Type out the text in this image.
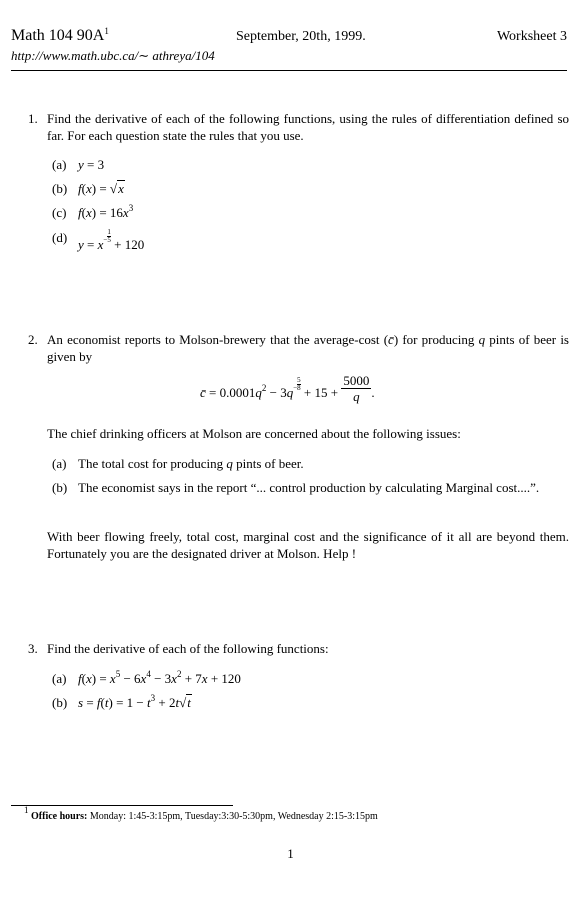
Math 104 $90A^1$	September, 20th, 1999.	Worksheet 3
http://www.math.ubc.ca/∼ athreya/104
1. Find the derivative of each of the following functions, using the rules of differentiation defined so far. For each question state the rules that you use.
(a) y = 3
(b) f(x) = √x
(c) $f(x) = 16x^3$
(d) $y = x- \frac{1}{5}$
+ 120
2. An economist reports to Molson-brewery that the average-cost (c̄) for producing q pints of beer is given by
c̄ = $0.0001q^2 - 3q- \frac{5}{8}$
+ $15 + \frac{5000}{q}$ .
The chief drinking officers at Molson are concerned about the following issues:
(a) The total cost for producing q pints of beer.
(b) The economist says in the report “... control production by calculating Marginal cost....”.
With beer flowing freely, total cost, marginal cost and the significance of it all are beyond them. Fortunately you are the designated driver at Molson. Help !
3. Find the derivative of each of the following functions:
(a) $f(x) = x^5 - 6x^4 - 3x^2 + 7x + 120$
(b) $s = f(t) = 1 - t^3 + 2t√t$
$^1$ Office hours: Monday: 1:45-3:15pm, Tuesday:3:30-5:30pm, Wednesday 2:15-3:15pm
1
